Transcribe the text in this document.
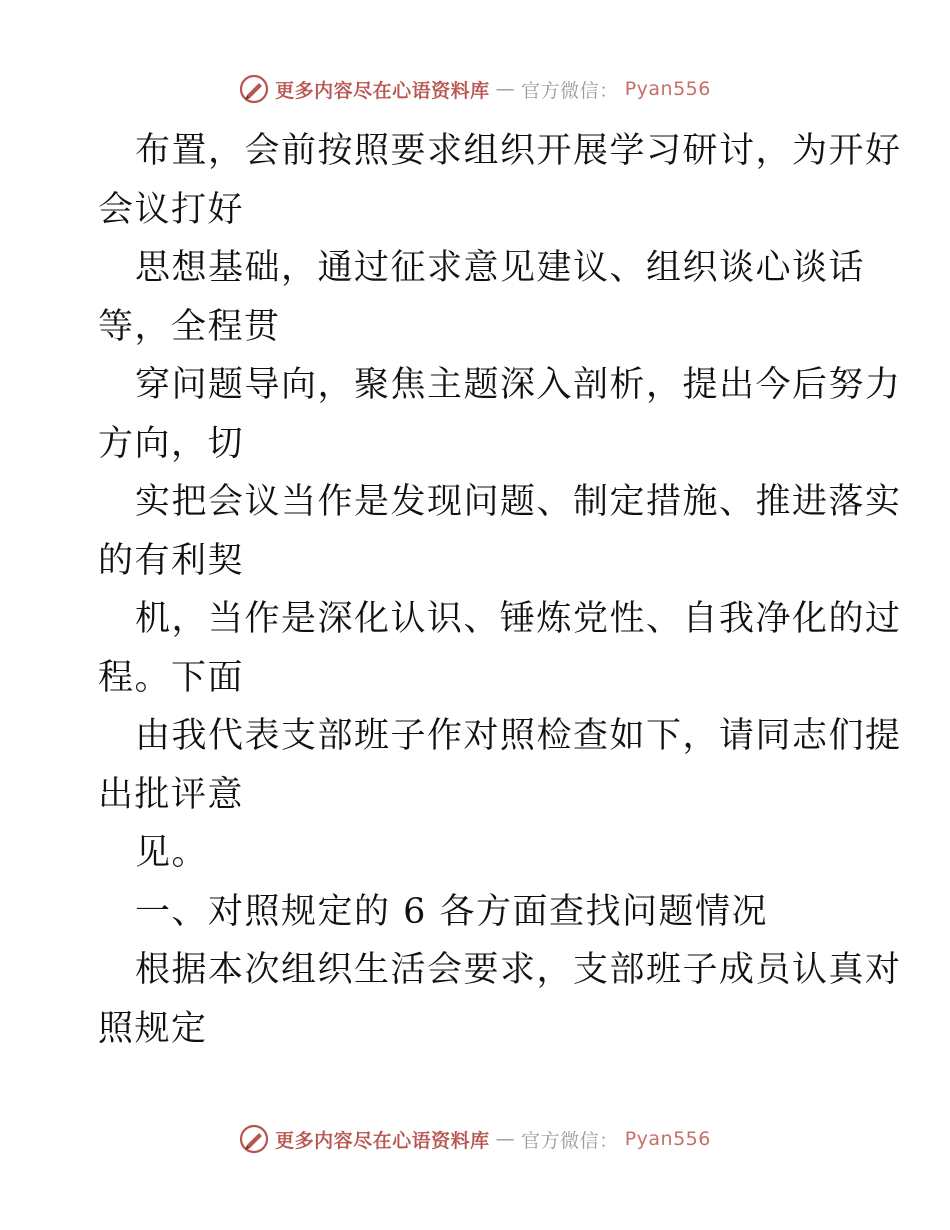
更多内容尽在心语资料库 — 官方微信： Pyan556
布置，会前按照要求组织开展学习研讨，为开好
会议打好
思想基础，通过征求意见建议、组织谈心谈话
等，全程贯
穿问题导向，聚焦主题深入剖析，提出今后努力
方向，切
实把会议当作是发现问题、制定措施、推进落实
的有利契
机，当作是深化认识、锤炼党性、自我净化的过
程。下面
由我代表支部班子作对照检查如下，请同志们提
出批评意
见。
一、对照规定的 6 各方面查找问题情况
根据本次组织生活会要求，支部班子成员认真对
照规定
更多内容尽在心语资料库 — 官方微信： Pyan556
